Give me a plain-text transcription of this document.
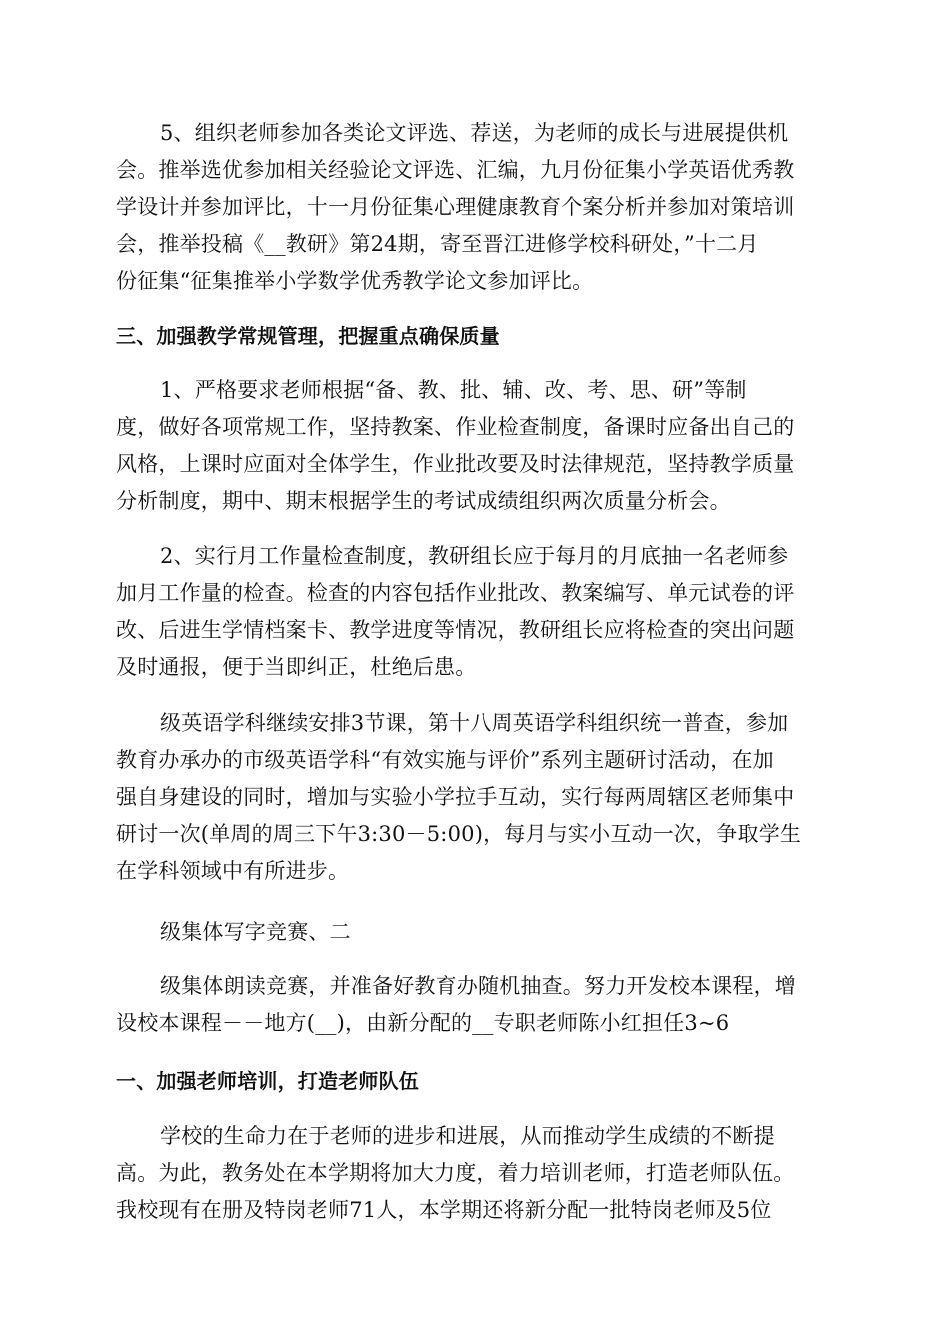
5、组织老师参加各类论文评选、荐送，为老师的成长与进展提供机
会。推举选优参加相关经验论文评选、汇编，九月份征集小学英语优秀教
学设计并参加评比，十一月份征集心理健康教育个案分析并参加对策培训
会，推举投稿《__教研》第24期，寄至晋江进修学校科研处，”十二月
份征集“征集推举小学数学优秀教学论文参加评比。
三、加强教学常规管理，把握重点确保质量
1、严格要求老师根据“备、教、批、辅、改、考、思、研”等制
度，做好各项常规工作，坚持教案、作业检查制度，备课时应备出自己的
风格，上课时应面对全体学生，作业批改要及时法律规范，坚持教学质量
分析制度，期中、期末根据学生的考试成绩组织两次质量分析会。
2、实行月工作量检查制度，教研组长应于每月的月底抽一名老师参
加月工作量的检查。检查的内容包括作业批改、教案编写、单元试卷的评
改、后进生学情档案卡、教学进度等情况，教研组长应将检查的突出问题
及时通报，便于当即纠正，杜绝后患。
级英语学科继续安排3节课，第十八周英语学科组织统一普查，参加
教育办承办的市级英语学科“有效实施与评价”系列主题研讨活动，在加
强自身建设的同时，增加与实验小学拉手互动，实行每两周辖区老师集中
研讨一次(单周的周三下午3:30－5:00)，每月与实小互动一次，争取学生
在学科领域中有所进步。
级集体写字竞赛、二
级集体朗读竞赛，并准备好教育办随机抽查。努力开发校本课程，增
设校本课程－－地方(__)，由新分配的__专职老师陈小红担任3~6
一、加强老师培训，打造老师队伍
学校的生命力在于老师的进步和进展，从而推动学生成绩的不断提
高。为此，教务处在本学期将加大力度，着力培训老师，打造老师队伍。
我校现有在册及特岗老师71人，本学期还将新分配一批特岗老师及5位
